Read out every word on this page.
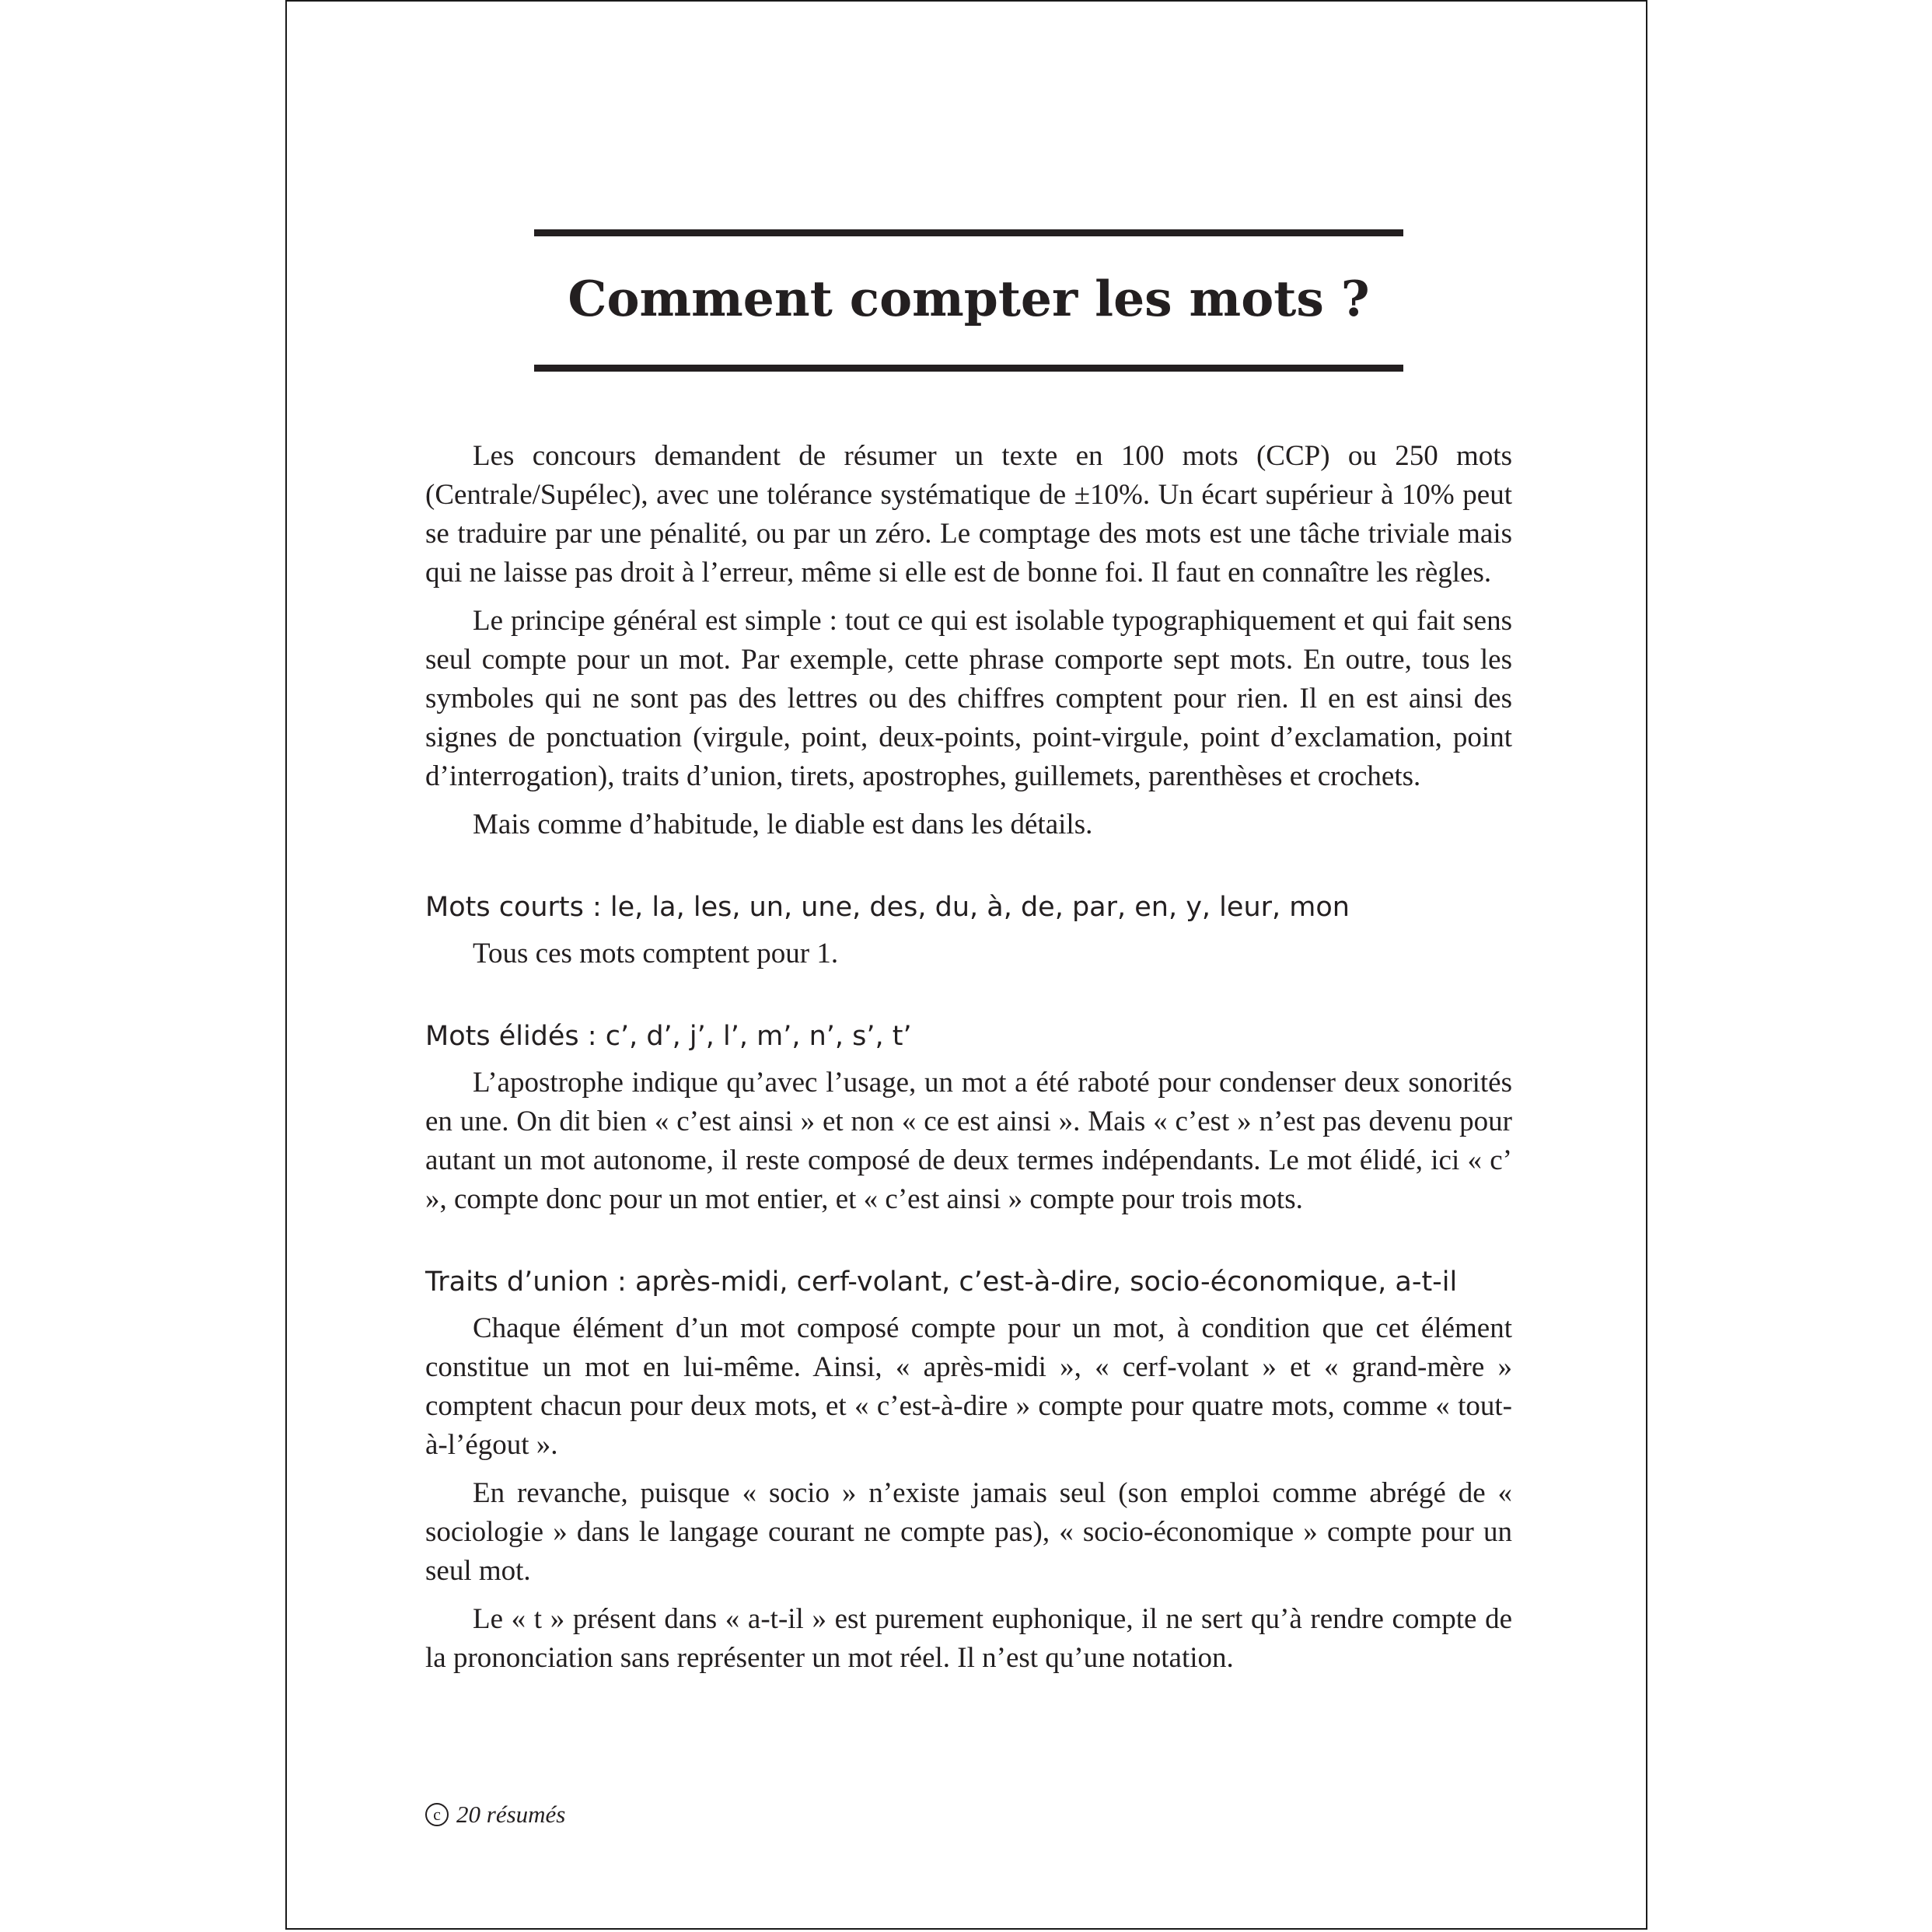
Comment compter les mots ?

Les concours demandent de résumer un texte en 100 mots (CCP) ou 250 mots (Centrale/Supélec), avec une tolérance systématique de ±10%. Un écart supérieur à 10% peut se traduire par une pénalité, ou par un zéro. Le comptage des mots est une tâche triviale mais qui ne laisse pas droit à l’erreur, même si elle est de bonne foi. Il faut en connaître les règles.

Le principe général est simple : tout ce qui est isolable typographiquement et qui fait sens seul compte pour un mot. Par exemple, cette phrase comporte sept mots. En outre, tous les symboles qui ne sont pas des lettres ou des chiffres comptent pour rien. Il en est ainsi des signes de ponctuation (virgule, point, deux-points, point-virgule, point d’exclamation, point d’interrogation), traits d’union, tirets, apostrophes, guillemets, parenthèses et crochets.

Mais comme d’habitude, le diable est dans les détails.

Mots courts : le, la, les, un, une, des, du, à, de, par, en, y, leur, mon

Tous ces mots comptent pour 1.

Mots élidés : c’, d’, j’, l’, m’, n’, s’, t’

L’apostrophe indique qu’avec l’usage, un mot a été raboté pour condenser deux sonorités en une. On dit bien « c’est ainsi » et non « ce est ainsi ». Mais « c’est » n’est pas devenu pour autant un mot autonome, il reste composé de deux termes indépendants. Le mot élidé, ici « c’ », compte donc pour un mot entier, et « c’est ainsi » compte pour trois mots.

Traits d’union : après-midi, cerf-volant, c’est-à-dire, socio-économique, a-t-il

Chaque élément d’un mot composé compte pour un mot, à condition que cet élément constitue un mot en lui-même. Ainsi, « après-midi », « cerf-volant » et « grand-mère » comptent chacun pour deux mots, et « c’est-à-dire » compte pour quatre mots, comme « tout-à-l’égout ».

En revanche, puisque « socio » n’existe jamais seul (son emploi comme abrégé de « sociologie » dans le langage courant ne compte pas), « socio-économique » compte pour un seul mot.

Le « t » présent dans « a-t-il » est purement euphonique, il ne sert qu’à rendre compte de la prononciation sans représenter un mot réel. Il n’est qu’une notation.

c 20 résumés
